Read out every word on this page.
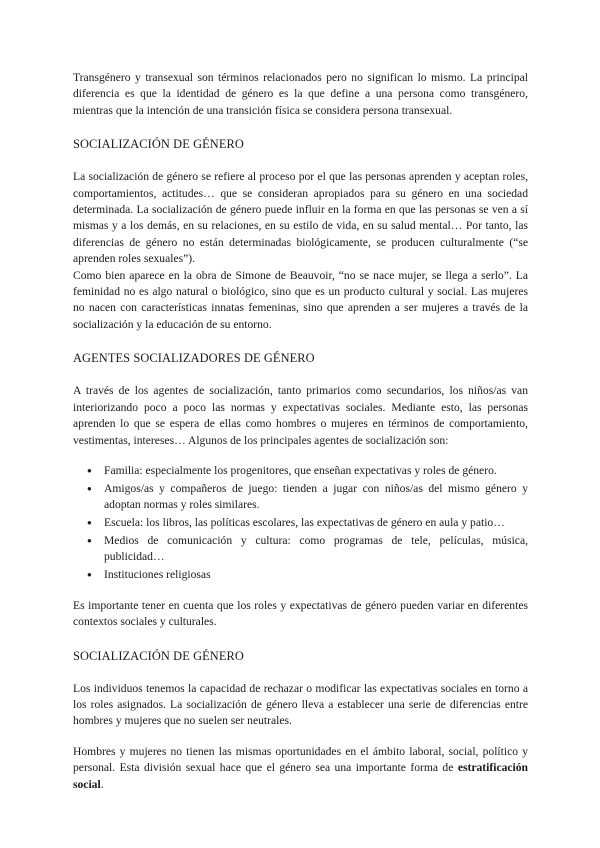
Transgénero y transexual son términos relacionados pero no significan lo mismo. La principal diferencia es que la identidad de género es la que define a una persona como transgénero, mientras que la intención de una transición física se considera persona transexual.

SOCIALIZACIÓN DE GÉNERO

La socialización de género se refiere al proceso por el que las personas aprenden y aceptan roles, comportamientos, actitudes… que se consideran apropiados para su género en una sociedad determinada. La socialización de género puede influir en la forma en que las personas se ven a sí mismas y a los demás, en su relaciones, en su estilo de vida, en su salud mental… Por tanto, las diferencias de género no están determinadas biológicamente, se producen culturalmente (“se aprenden roles sexuales”).

Como bien aparece en la obra de Simone de Beauvoir, “no se nace mujer, se llega a serlo”. La feminidad no es algo natural o biológico, sino que es un producto cultural y social. Las mujeres no nacen con características innatas femeninas, sino que aprenden a ser mujeres a través de la socialización y la educación de su entorno.

AGENTES SOCIALIZADORES DE GÉNERO

A través de los agentes de socialización, tanto primarios como secundarios, los niños/as van interiorizando poco a poco las normas y expectativas sociales. Mediante esto, las personas aprenden lo que se espera de ellas como hombres o mujeres en términos de comportamiento, vestimentas, intereses… Algunos de los principales agentes de socialización son:

● Familia: especialmente los progenitores, que enseñan expectativas y roles de género.
● Amigos/as y compañeros de juego: tienden a jugar con niños/as del mismo género y adoptan normas y roles similares.
● Escuela: los libros, las políticas escolares, las expectativas de género en aula y patio…
● Medios de comunicación y cultura: como programas de tele, películas, música, publicidad…
● Instituciones religiosas

Es importante tener en cuenta que los roles y expectativas de género pueden variar en diferentes contextos sociales y culturales.

SOCIALIZACIÓN DE GÉNERO

Los individuos tenemos la capacidad de rechazar o modificar las expectativas sociales en torno a los roles asignados. La socialización de género lleva a establecer una serie de diferencias entre hombres y mujeres que no suelen ser neutrales.

Hombres y mujeres no tienen las mismas oportunidades en el ámbito laboral, social, político y personal. Esta división sexual hace que el género sea una importante forma de estratificación social.
